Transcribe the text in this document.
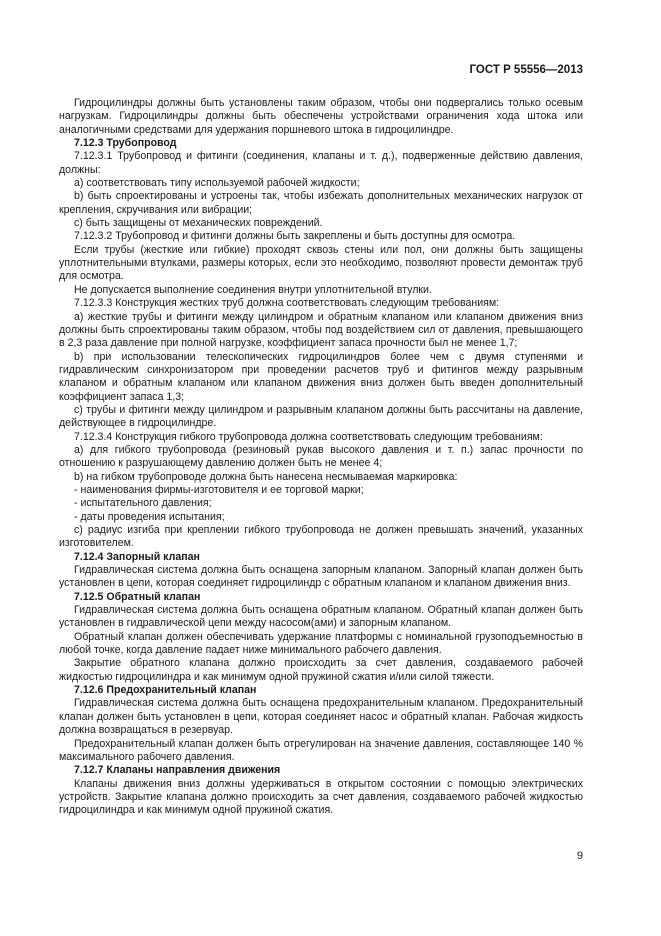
ГОСТ Р 55556—2013

Гидроцилиндры должны быть установлены таким образом, чтобы они подвергались только осевым нагрузкам. Гидроцилиндры должны быть обеспечены устройствами ограничения хода штока или аналогичными средствами для удержания поршневого штока в гидроцилиндре.

7.12.3 Трубопровод

7.12.3.1 Трубопровод и фитинги (соединения, клапаны и т. д.), подверженные действию давления, должны:

а) соответствовать типу используемой рабочей жидкости;

b) быть спроектированы и устроены так, чтобы избежать дополнительных механических нагрузок от крепления, скручивания или вибрации;

с) быть защищены от механических повреждений.

7.12.3.2 Трубопровод и фитинги должны быть закреплены и быть доступны для осмотра.

Если трубы (жесткие или гибкие) проходят сквозь стены или пол, они должны быть защищены уплотнительными втулками, размеры которых, если это необходимо, позволяют провести демонтаж труб для осмотра.

Не допускается выполнение соединения внутри уплотнительной втулки.

7.12.3.3 Конструкция жестких труб должна соответствовать следующим требованиям:

а) жесткие трубы и фитинги между цилиндром и обратным клапаном или клапаном движения вниз должны быть спроектированы таким образом, чтобы под воздействием сил от давления, превышающего в 2,3 раза давление при полной нагрузке, коэффициент запаса прочности был не менее 1,7;

b) при использовании телескопических гидроцилиндров более чем с двумя ступенями и гидравлическим синхронизатором при проведении расчетов труб и фитингов между разрывным клапаном и обратным клапаном или клапаном движения вниз должен быть введен дополнительный коэффициент запаса 1,3;

с) трубы и фитинги между цилиндром и разрывным клапаном должны быть рассчитаны на давление, действующее в гидроцилиндре.

7.12.3.4 Конструкция гибкого трубопровода должна соответствовать следующим требованиям:

а) для гибкого трубопровода (резиновый рукав высокого давления и т. п.) запас прочности по отношению к разрушающему давлению должен быть не менее 4;

b) на гибком трубопроводе должна быть нанесена несмываемая маркировка:

- наименования фирмы-изготовителя и ее торговой марки;

- испытательного давления;

- даты проведения испытания;

с) радиус изгиба при креплении гибкого трубопровода не должен превышать значений, указанных изготовителем.

7.12.4 Запорный клапан

Гидравлическая система должна быть оснащена запорным клапаном. Запорный клапан должен быть установлен в цепи, которая соединяет гидроцилиндр с обратным клапаном и клапаном движения вниз.

7.12.5 Обратный клапан

Гидравлическая система должна быть оснащена обратным клапаном. Обратный клапан должен быть установлен в гидравлической цепи между насосом(ами) и запорным клапаном.

Обратный клапан должен обеспечивать удержание платформы с номинальной грузоподъемностью в любой точке, когда давление падает ниже минимального рабочего давления.

Закрытие обратного клапана должно происходить за счет давления, создаваемого рабочей жидкостью гидроцилиндра и как минимум одной пружиной сжатия и/или силой тяжести.

7.12.6 Предохранительный клапан

Гидравлическая система должна быть оснащена предохранительным клапаном. Предохранительный клапан должен быть установлен в цепи, которая соединяет насос и обратный клапан. Рабочая жидкость должна возвращаться в резервуар.

Предохранительный клапан должен быть отрегулирован на значение давления, составляющее 140 % максимального рабочего давления.

7.12.7 Клапаны направления движения

Клапаны движения вниз должны удерживаться в открытом состоянии с помощью электрических устройств. Закрытие клапана должно происходить за счет давления, создаваемого рабочей жидкостью гидроцилиндра и как минимум одной пружиной сжатия.

9
